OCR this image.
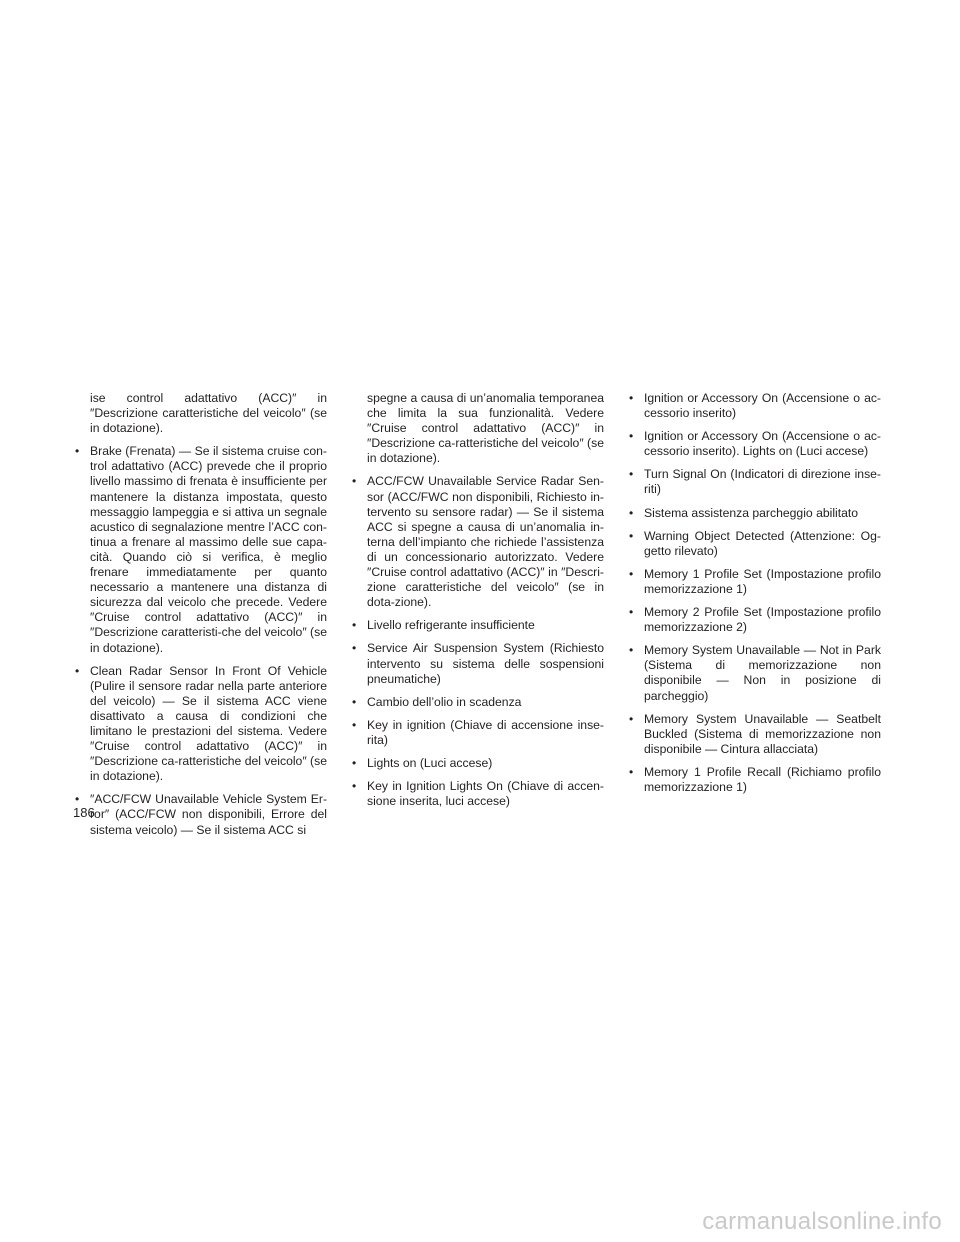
ise control adattativo (ACC)″ in ″Descrizione caratteristiche del veicolo″ (se in dotazione).
• Brake (Frenata) — Se il sistema cruise con-trol adattativo (ACC) prevede che il proprio livello massimo di frenata è insufficiente per mantenere la distanza impostata, questo messaggio lampeggia e si attiva un segnale acustico di segnalazione mentre l’ACC con-tinua a frenare al massimo delle sue capa-cità. Quando ciò si verifica, è meglio frenare immediatamente per quanto necessario a mantenere una distanza di sicurezza dal veicolo che precede. Vedere ″Cruise control adattativo (ACC)″ in ″Descrizione caratteristi-che del veicolo″ (se in dotazione).
• Clean Radar Sensor In Front Of Vehicle (Pulire il sensore radar nella parte anteriore del veicolo) — Se il sistema ACC viene disattivato a causa di condizioni che limitano le prestazioni del sistema. Vedere ″Cruise control adattativo (ACC)″ in ″Descrizione ca-ratteristiche del veicolo″ (se in dotazione).
• ″ACC/FCW Unavailable Vehicle System Er-ror″ (ACC/FCW non disponibili, Errore del sistema veicolo) — Se il sistema ACC si
spegne a causa di un’anomalia temporanea che limita la sua funzionalità. Vedere ″Cruise control adattativo (ACC)″ in ″Descrizione ca-ratteristiche del veicolo″ (se in dotazione).
• ACC/FCW Unavailable Service Radar Sen-sor (ACC/FWC non disponibili, Richiesto in-tervento su sensore radar) — Se il sistema ACC si spegne a causa di un’anomalia in-terna dell’impianto che richiede l’assistenza di un concessionario autorizzato. Vedere ″Cruise control adattativo (ACC)″ in ″Descri-zione caratteristiche del veicolo″ (se in dota-zione).
• Livello refrigerante insufficiente
• Service Air Suspension System (Richiesto intervento su sistema delle sospensioni pneumatiche)
• Cambio dell’olio in scadenza
• Key in ignition (Chiave di accensione inse-rita)
• Lights on (Luci accese)
• Key in Ignition Lights On (Chiave di accen-sione inserita, luci accese)
• Ignition or Accessory On (Accensione o ac-cessorio inserito)
• Ignition or Accessory On (Accensione o ac-cessorio inserito). Lights on (Luci accese)
• Turn Signal On (Indicatori di direzione inse-riti)
• Sistema assistenza parcheggio abilitato
• Warning Object Detected (Attenzione: Og-getto rilevato)
• Memory 1 Profile Set (Impostazione profilo memorizzazione 1)
• Memory 2 Profile Set (Impostazione profilo memorizzazione 2)
• Memory System Unavailable — Not in Park (Sistema di memorizzazione non disponibile — Non in posizione di parcheggio)
• Memory System Unavailable — Seatbelt Buckled (Sistema di memorizzazione non disponibile — Cintura allacciata)
• Memory 1 Profile Recall (Richiamo profilo memorizzazione 1)
186
carmanualsonline.info
